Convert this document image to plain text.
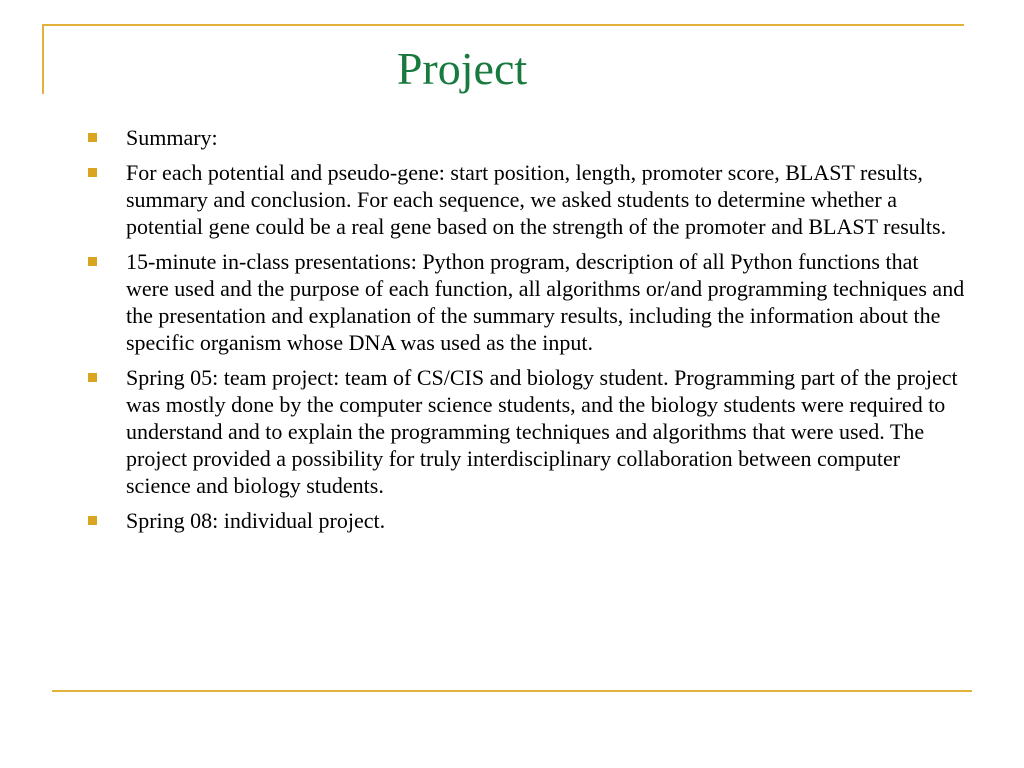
Project
Summary:
For each potential and pseudo-gene: start position, length, promoter score, BLAST results, summary and conclusion. For each sequence, we asked students to determine whether a potential gene could be a real gene based on the strength of the promoter and BLAST results.
15-minute in-class presentations: Python program, description of all Python functions that were used and the purpose of each function, all algorithms or/and programming techniques and the presentation and explanation of the summary results, including the information about the specific organism whose DNA was used as the input.
Spring 05: team project: team of CS/CIS and biology student. Programming part of the project was mostly done by the computer science students, and the biology students were required to understand and to explain the programming techniques and algorithms that were used. The project provided a possibility for truly interdisciplinary collaboration between computer science and biology students.
Spring 08: individual project.
